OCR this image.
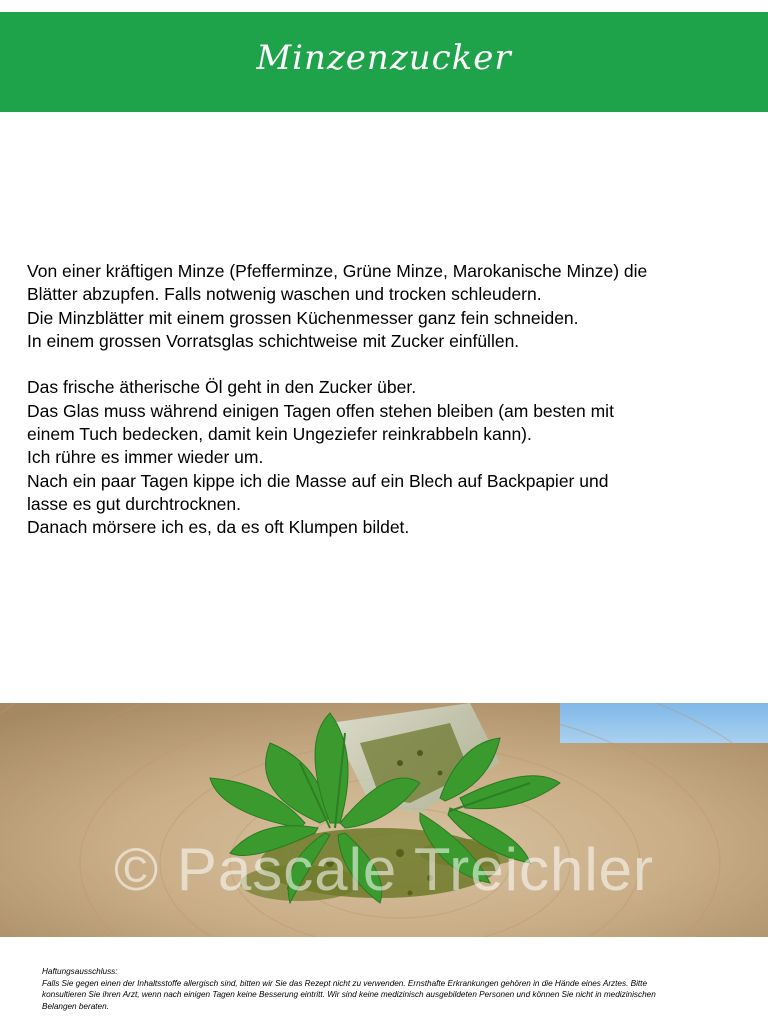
Minzenzucker

Von einer kräftigen Minze (Pfefferminze, Grüne Minze, Marokanische Minze) die

Blätter abzupfen. Falls notwenig waschen und trocken schleudern.

Die Minzblätter mit einem grossen Küchenmesser ganz fein schneiden.

In einem grossen Vorratsglas schichtweise mit Zucker einfüllen.

Das frische ätherische Öl geht in den Zucker über.

Das Glas muss während einigen Tagen offen stehen bleiben (am besten mit

einem Tuch bedecken, damit kein Ungeziefer reinkrabbeln kann).

Ich rühre es immer wieder um.

Nach ein paar Tagen kippe ich die Masse auf ein Blech auf Backpapier und

lasse es gut durchtrocknen.

Danach mörsere ich es, da es oft Klumpen bildet.

© Pascale Treichler

Haftungsausschluss:

Falls Sie gegen einen der Inhaltsstoffe allergisch sind, bitten wir Sie das Rezept nicht zu verwenden. Ernsthafte Erkrankungen gehören in die Hände eines Arztes. Bitte

konsultieren Sie ihren Arzt, wenn nach einigen Tagen keine Besserung eintritt. Wir sind keine medizinisch ausgebildeten Personen und können Sie nicht in medizinischen

Belangen beraten.
